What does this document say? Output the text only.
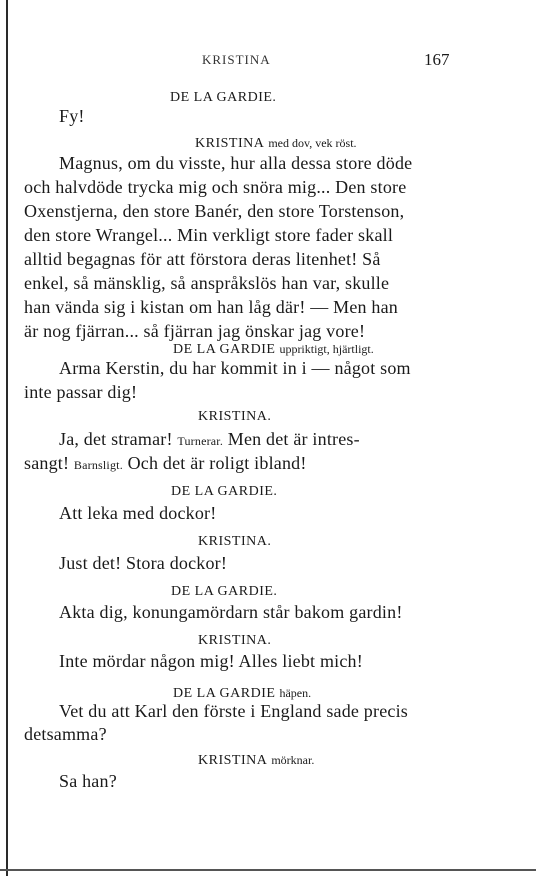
KRISTINA	167
DE LA GARDIE.
Fy!
KRISTINA med dov, vek röst.
Magnus, om du visste, hur alla dessa store döde
och halvdöde trycka mig och snöra mig... Den store
Oxenstjerna, den store Banér, den store Torstenson,
den store Wrangel... Min verkligt store fader skall
alltid begagnas för att förstora deras litenhet! Så
enkel, så mänsklig, så anspråkslös han var, skulle
han vända sig i kistan om han låg där! — Men han
är nog fjärran... så fjärran jag önskar jag vore!
DE LA GARDIE uppriktigt, hjärtligt.
Arma Kerstin, du har kommit in i — något som
inte passar dig!
KRISTINA.
Ja, det stramar! Turnerar. Men det är intres-
sangt! Barnsligt. Och det är roligt ibland!
DE LA GARDIE.
Att leka med dockor!
KRISTINA.
Just det! Stora dockor!
DE LA GARDIE.
Akta dig, konungamördarn står bakom gardin!
KRISTINA.
Inte mördar någon mig! Alles liebt mich!
DE LA GARDIE häpen.
Vet du att Karl den förste i England sade precis
detsamma?
KRISTINA mörknar.
Sa han?
